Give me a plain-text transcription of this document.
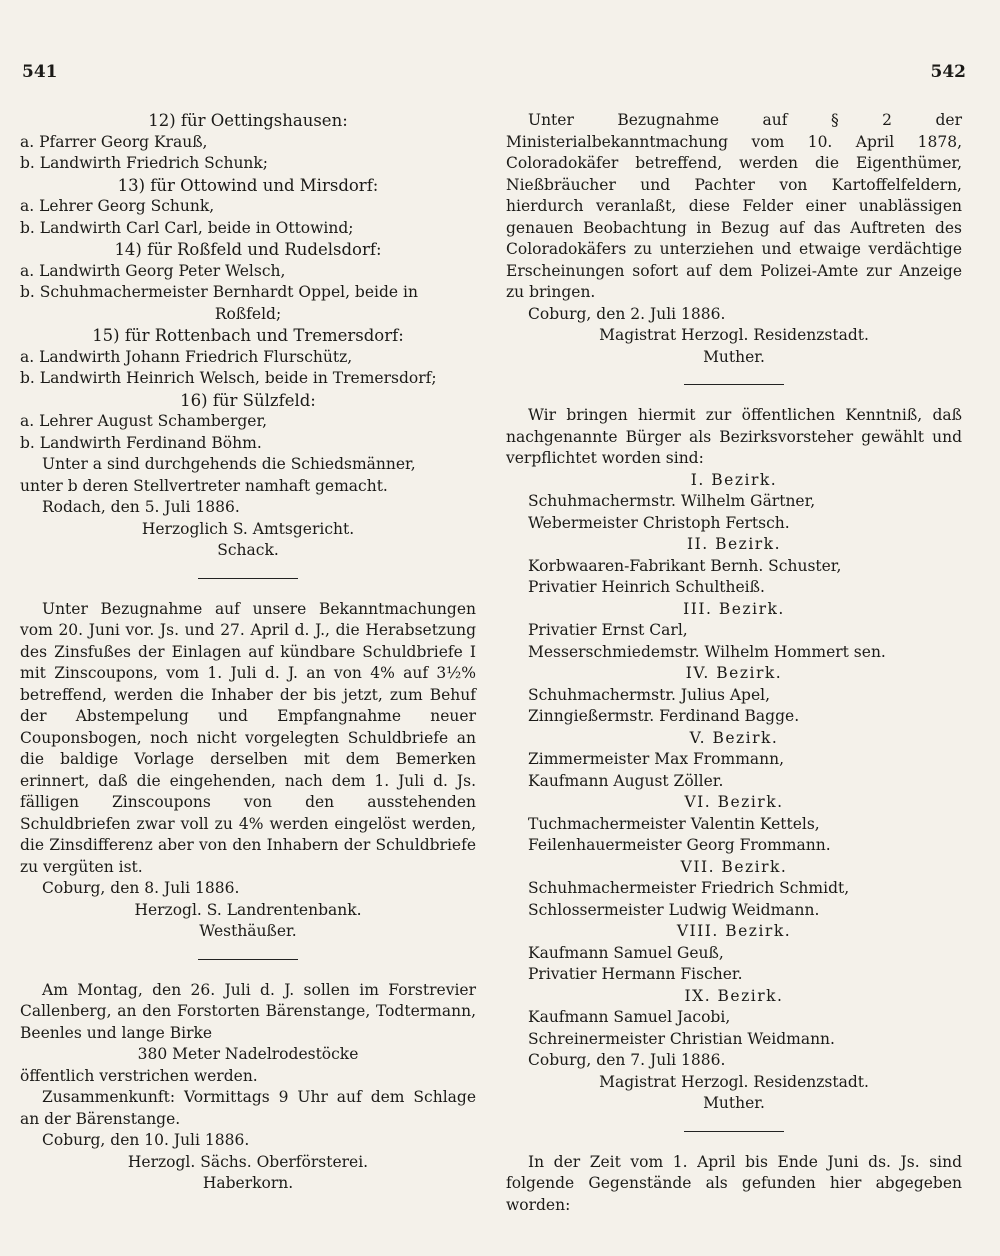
541	542

12) für Oettingshausen:

a. Pfarrer Georg Krauß,

b. Landwirth Friedrich Schunk;

13) für Ottowind und Mirsdorf:

a. Lehrer Georg Schunk,

b. Landwirth Carl Carl, beide in Ottowind;

14) für Roßfeld und Rudelsdorf:

a. Landwirth Georg Peter Welsch,

b. Schuhmachermeister Bernhardt Oppel, beide in

Roßfeld;

15) für Rottenbach und Tremersdorf:

a. Landwirth Johann Friedrich Flurschütz,

b. Landwirth Heinrich Welsch, beide in Tremersdorf;

16) für Sülzfeld:

a. Lehrer August Schamberger,

b. Landwirth Ferdinand Böhm.

Unter a sind durchgehends die Schiedsmänner,

unter b deren Stellvertreter namhaft gemacht.

Rodach, den 5. Juli 1886.

Herzoglich S. Amtsgericht.

Schack.

Unter Bezugnahme auf unsere Bekanntmachungen vom 20. Juni vor. Js. und 27. April d. J., die Herabsetzung des Zinsfußes der Einlagen auf kündbare Schuldbriefe I mit Zinscoupons, vom 1. Juli d. J. an von 4% auf 3½% betreffend, werden die Inhaber der bis jetzt, zum Behuf der Abstempelung und Empfangnahme neuer Couponsbogen, noch nicht vorgelegten Schuldbriefe an die baldige Vorlage derselben mit dem Bemerken erinnert, daß die eingehenden, nach dem 1. Juli d. Js. fälligen Zinscoupons von den ausstehenden Schuldbriefen zwar voll zu 4% werden eingelöst werden, die Zinsdifferenz aber von den Inhabern der Schuldbriefe zu vergüten ist.

Coburg, den 8. Juli 1886.

Herzogl. S. Landrentenbank.

Westhäußer.

Am Montag, den 26. Juli d. J. sollen im Forstrevier Callenberg, an den Forstorten Bärenstange, Todtermann, Beenles und lange Birke

380 Meter Nadelrodestöcke

öffentlich verstrichen werden.

Zusammenkunft: Vormittags 9 Uhr auf dem Schlage an der Bärenstange.

Coburg, den 10. Juli 1886.

Herzogl. Sächs. Oberförsterei.

Haberkorn.

Unter Bezugnahme auf § 2 der Ministerialbekanntmachung vom 10. April 1878, Coloradokäfer betreffend, werden die Eigenthümer, Nießbräucher und Pachter von Kartoffelfeldern, hierdurch veranlaßt, diese Felder einer unablässigen genauen Beobachtung in Bezug auf das Auftreten des Coloradokäfers zu unterziehen und etwaige verdächtige Erscheinungen sofort auf dem Polizei-Amte zur Anzeige zu bringen.

Coburg, den 2. Juli 1886.

Magistrat Herzogl. Residenzstadt.

Muther.

Wir bringen hiermit zur öffentlichen Kenntniß, daß nachgenannte Bürger als Bezirksvorsteher gewählt und verpflichtet worden sind:

I. Bezirk.

Schuhmachermstr. Wilhelm Gärtner,

Webermeister Christoph Fertsch.

II. Bezirk.

Korbwaaren-Fabrikant Bernh. Schuster,

Privatier Heinrich Schultheiß.

III. Bezirk.

Privatier Ernst Carl,

Messerschmiedemstr. Wilhelm Hommert sen.

IV. Bezirk.

Schuhmachermstr. Julius Apel,

Zinngießermstr. Ferdinand Bagge.

V. Bezirk.

Zimmermeister Max Frommann,

Kaufmann August Zöller.

VI. Bezirk.

Tuchmachermeister Valentin Kettels,

Feilenhauermeister Georg Frommann.

VII. Bezirk.

Schuhmachermeister Friedrich Schmidt,

Schlossermeister Ludwig Weidmann.

VIII. Bezirk.

Kaufmann Samuel Geuß,

Privatier Hermann Fischer.

IX. Bezirk.

Kaufmann Samuel Jacobi,

Schreinermeister Christian Weidmann.

Coburg, den 7. Juli 1886.

Magistrat Herzogl. Residenzstadt.

Muther.

In der Zeit vom 1. April bis Ende Juni ds. Js. sind folgende Gegenstände als gefunden hier abgegeben worden:
